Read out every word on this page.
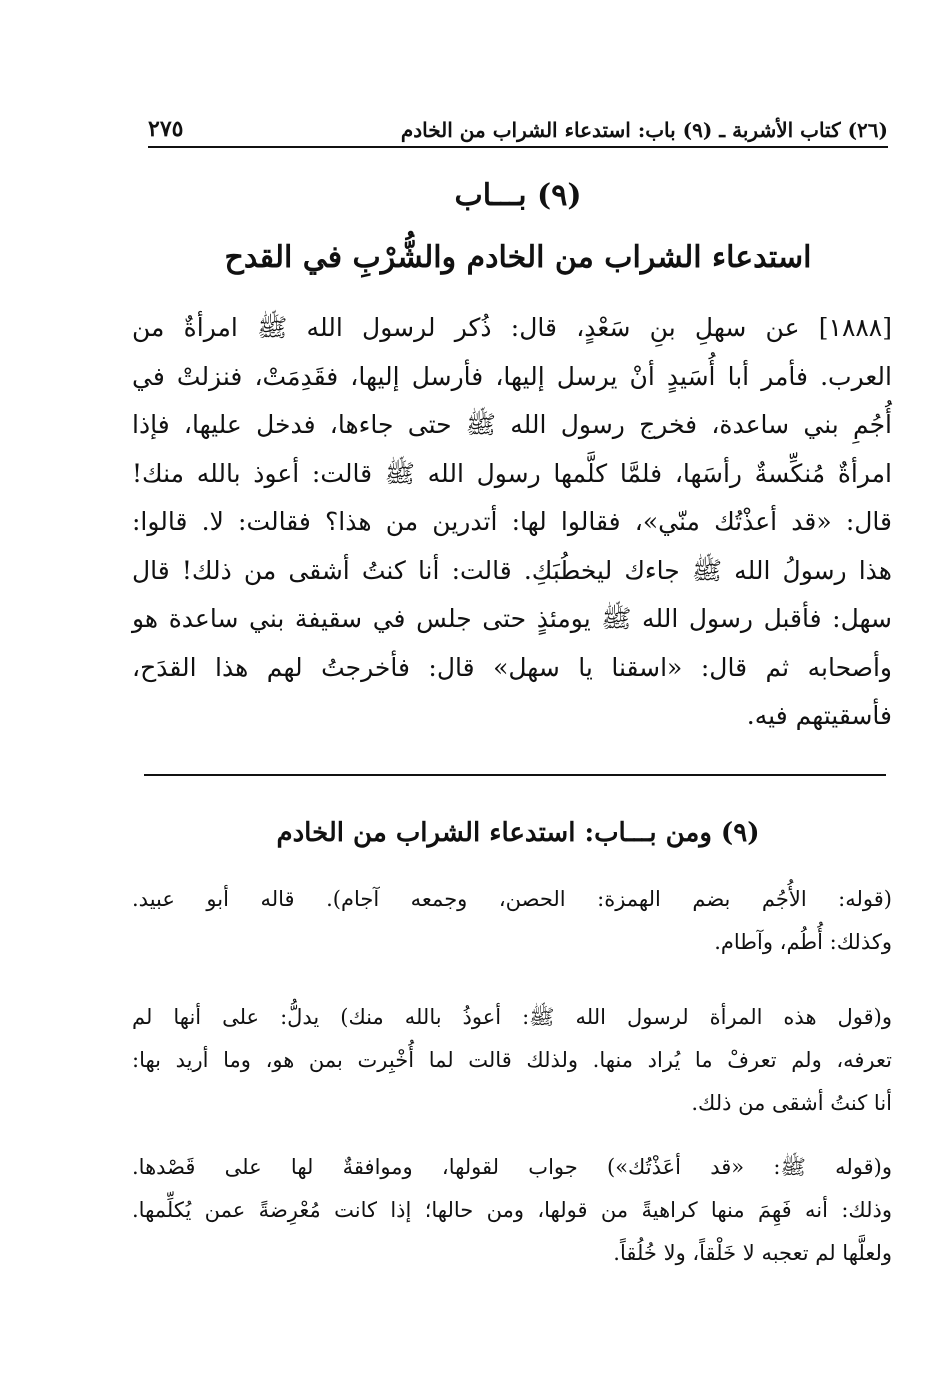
(٢٦) كتاب الأشربة ـ (٩) باب: استدعاء الشراب من الخادم
٢٧٥
(٩) بـــاب
استدعاء الشراب من الخادم والشُّرْبِ في القدح
[١٨٨٨] عن سهلِ بنِ سَعْدٍ، قال: ذُكر لرسول الله ﷺ امرأةٌ من
العرب. فأمر أبا أُسَيدٍ أنْ يرسل إليها، فأرسل إليها، فقَدِمَتْ، فنزلتْ في
أُجُمِ بني ساعدة، فخرج رسول الله ﷺ حتى جاءها، فدخل عليها، فإذا
امرأةٌ مُنكِّسةٌ رأسَها، فلمَّا كلَّمها رسول الله ﷺ قالت: أعوذ بالله منك!
قال: «قد أعذْتُك منّي»، فقالوا لها: أتدرين من هذا؟ فقالت: لا. قالوا:
هذا رسولُ الله ﷺ جاءك ليخطُبَكِ. قالت: أنا كنتُ أشقى من ذلك! قال
سهل: فأقبل رسول الله ﷺ يومئذٍ حتى جلس في سقيفة بني ساعدة هو
وأصحابه ثم قال: «اسقنا يا سهل» قال: فأخرجتُ لهم هذا القدَح،
فأسقيتهم فيه.
(٩) ومن بـــاب: استدعاء الشراب من الخادم
(قوله: الأُجُم بضم الهمزة: الحصن، وجمعه آجام). قاله أبو عبيد.
وكذلك: أُطُم، وآطام.
و(قول هذه المرأة لرسول الله ﷺ: أعوذُ بالله منك) يدلُّ: على أنها لم
تعرفه، ولم تعرفْ ما يُراد منها. ولذلك قالت لما أُخْبِرت بمن هو، وما أريد بها:
أنا كنتُ أشقى من ذلك.
و(قوله ﷺ: «قد أعَذْتُك») جواب لقولها، وموافقةٌ لها على قَصْدها.
وذلك: أنه فَهِمَ منها كراهيةً من قولها، ومن حالها؛ إذا كانت مُعْرِضةً عمن يُكلِّمها.
ولعلَّها لم تعجبه لا خَلْقاً، ولا خُلُقاً.
